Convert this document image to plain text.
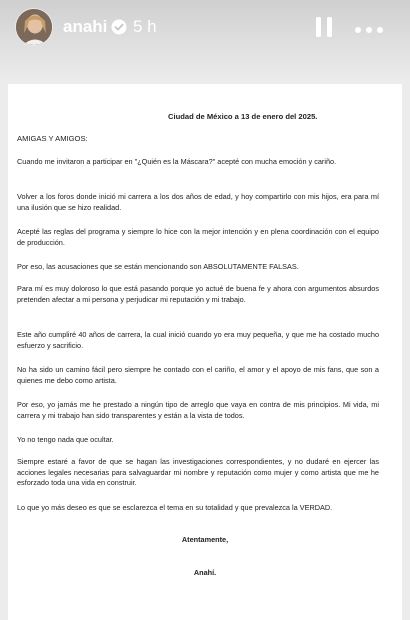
anahi 5 h

Ciudad de México a 13 de enero del 2025.

AMIGAS Y AMIGOS:

Cuando me invitaron a participar en "¿Quién es la Máscara?" acepté con mucha emoción y cariño.

Volver a los foros donde inició mi carrera a los dos años de edad, y hoy compartirlo con mis hijos, era para mí una ilusión que se hizo realidad.

Acepté las reglas del programa y siempre lo hice con la mejor intención y en plena coordinación con el equipo de producción.

Por eso, las acusaciones que se están mencionando son ABSOLUTAMENTE FALSAS.

Para mí es muy doloroso lo que está pasando porque yo actué de buena fe y ahora con argumentos absurdos pretenden afectar a mi persona y perjudicar mi reputación y mi trabajo.

Este año cumpliré 40 años de carrera, la cual inició cuando yo era muy pequeña, y que me ha costado mucho esfuerzo y sacrificio.

No ha sido un camino fácil pero siempre he contado con el cariño, el amor y el apoyo de mis fans, que son a quienes me debo como artista.

Por eso, yo jamás me he prestado a ningún tipo de arreglo que vaya en contra de mis principios. Mi vida, mi carrera y mi trabajo han sido transparentes y están a la vista de todos.

Yo no tengo nada que ocultar.

Siempre estaré a favor de que se hagan las investigaciones correspondientes, y no dudaré en ejercer las acciones legales necesarias para salvaguardar mi nombre y reputación como mujer y como artista que me he esforzado toda una vida en construir.

Lo que yo más deseo es que se esclarezca el tema en su totalidad y que prevalezca la VERDAD.

Atentamente,

Anahí.
